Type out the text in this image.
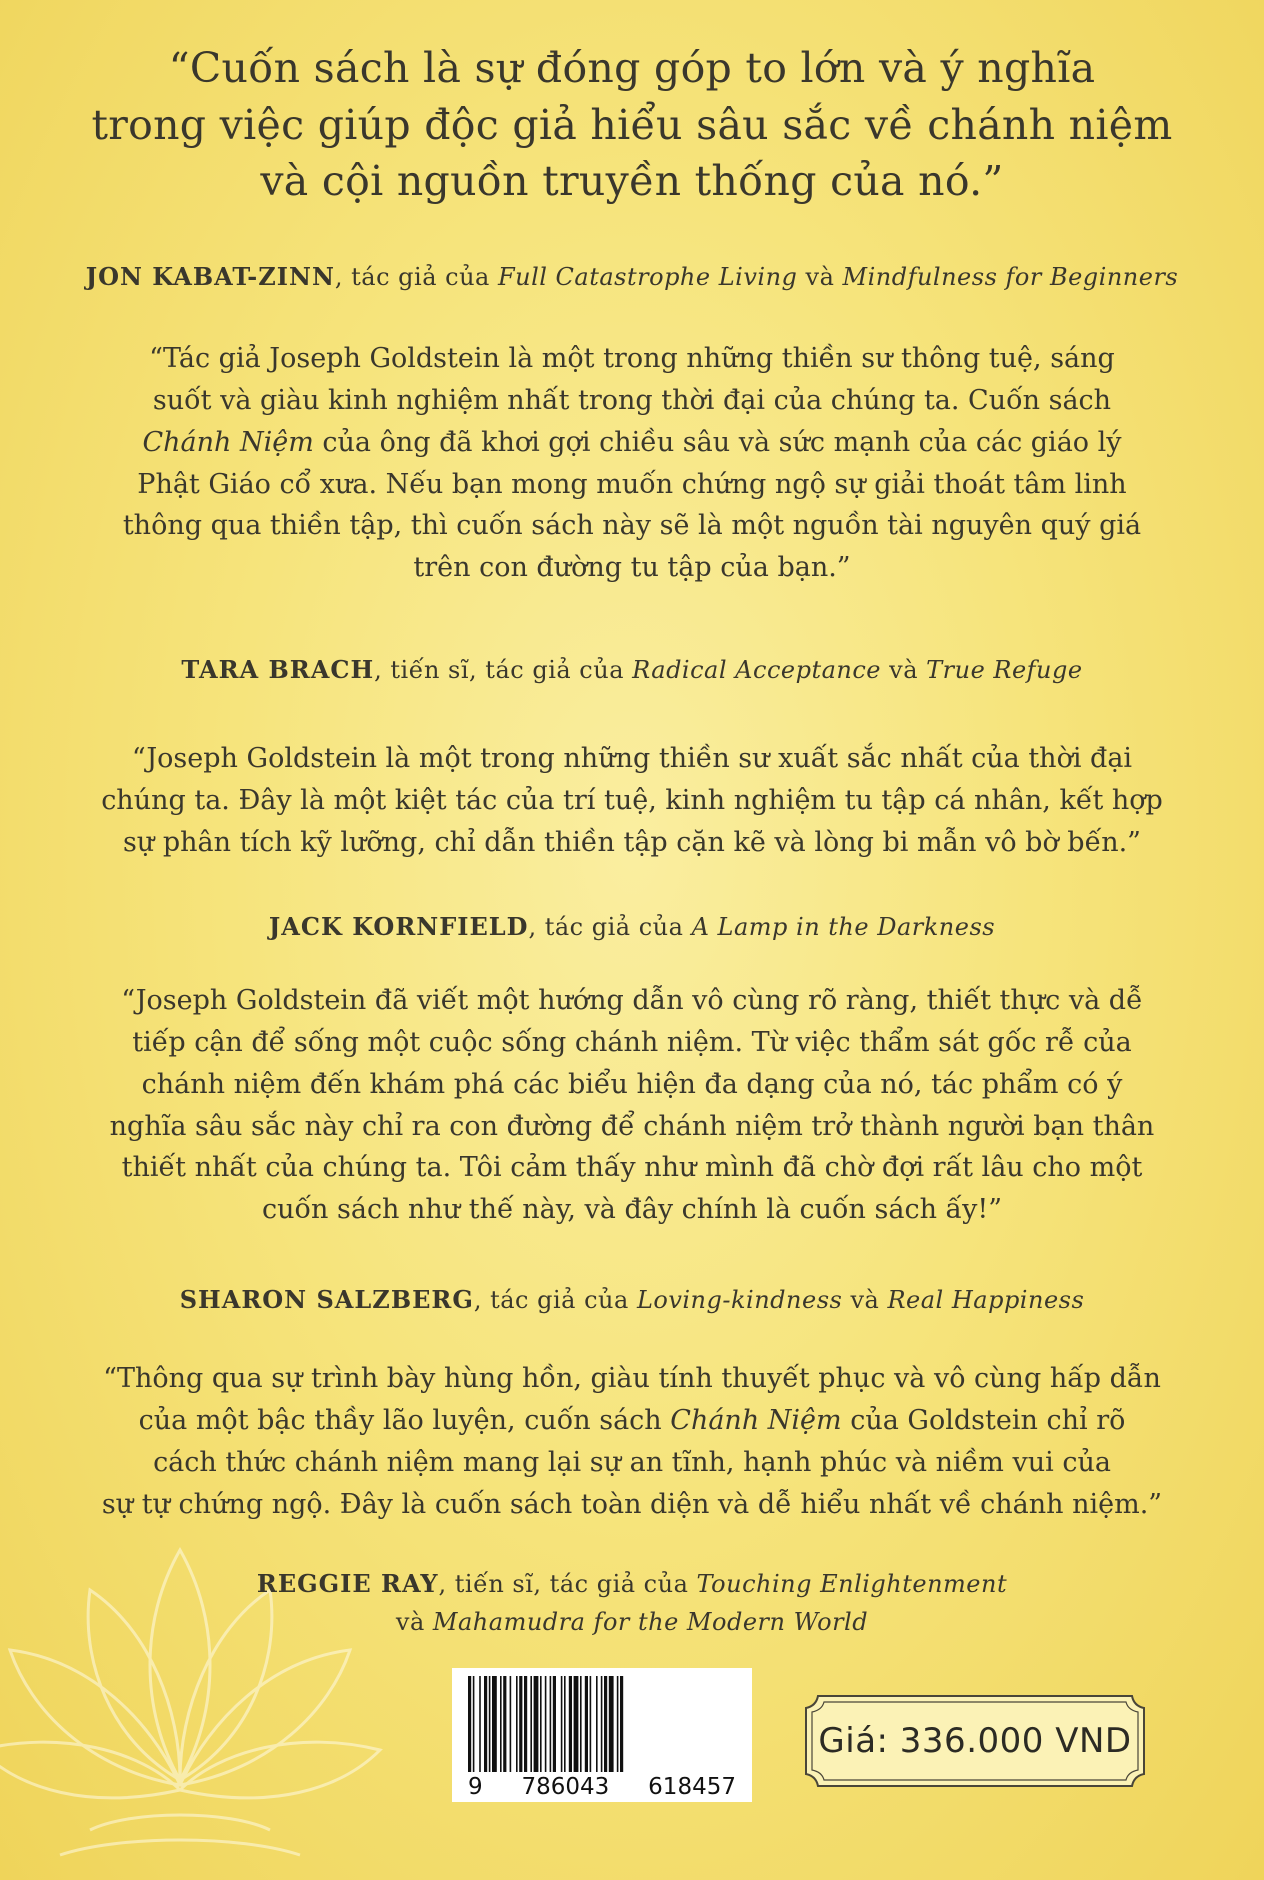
“Cuốn sách là sự đóng góp to lớn và ý nghĩa
trong việc giúp độc giả hiểu sâu sắc về chánh niệm
và cội nguồn truyền thống của nó.”
JON KABAT-ZINN, tác giả của Full Catastrophe Living và Mindfulness for Beginners
“Tác giả Joseph Goldstein là một trong những thiền sư thông tuệ, sáng
suốt và giàu kinh nghiệm nhất trong thời đại của chúng ta. Cuốn sách
Chánh Niệm của ông đã khơi gợi chiều sâu và sức mạnh của các giáo lý
Phật Giáo cổ xưa. Nếu bạn mong muốn chứng ngộ sự giải thoát tâm linh
thông qua thiền tập, thì cuốn sách này sẽ là một nguồn tài nguyên quý giá
trên con đường tu tập của bạn.”
TARA BRACH, tiến sĩ, tác giả của Radical Acceptance và True Refuge
“Joseph Goldstein là một trong những thiền sư xuất sắc nhất của thời đại
chúng ta. Đây là một kiệt tác của trí tuệ, kinh nghiệm tu tập cá nhân, kết hợp
sự phân tích kỹ lưỡng, chỉ dẫn thiền tập cặn kẽ và lòng bi mẫn vô bờ bến.”
JACK KORNFIELD, tác giả của A Lamp in the Darkness
“Joseph Goldstein đã viết một hướng dẫn vô cùng rõ ràng, thiết thực và dễ
tiếp cận để sống một cuộc sống chánh niệm. Từ việc thẩm sát gốc rễ của
chánh niệm đến khám phá các biểu hiện đa dạng của nó, tác phẩm có ý
nghĩa sâu sắc này chỉ ra con đường để chánh niệm trở thành người bạn thân
thiết nhất của chúng ta. Tôi cảm thấy như mình đã chờ đợi rất lâu cho một
cuốn sách như thế này, và đây chính là cuốn sách ấy!”
SHARON SALZBERG, tác giả của Loving-kindness và Real Happiness
“Thông qua sự trình bày hùng hồn, giàu tính thuyết phục và vô cùng hấp dẫn
của một bậc thầy lão luyện, cuốn sách Chánh Niệm của Goldstein chỉ rõ
cách thức chánh niệm mang lại sự an tĩnh, hạnh phúc và niềm vui của
sự tự chứng ngộ. Đây là cuốn sách toàn diện và dễ hiểu nhất về chánh niệm.”
REGGIE RAY, tiến sĩ, tác giả của Touching Enlightenment
và Mahamudra for the Modern World
9 786043 618457
Giá: 336.000 VND
